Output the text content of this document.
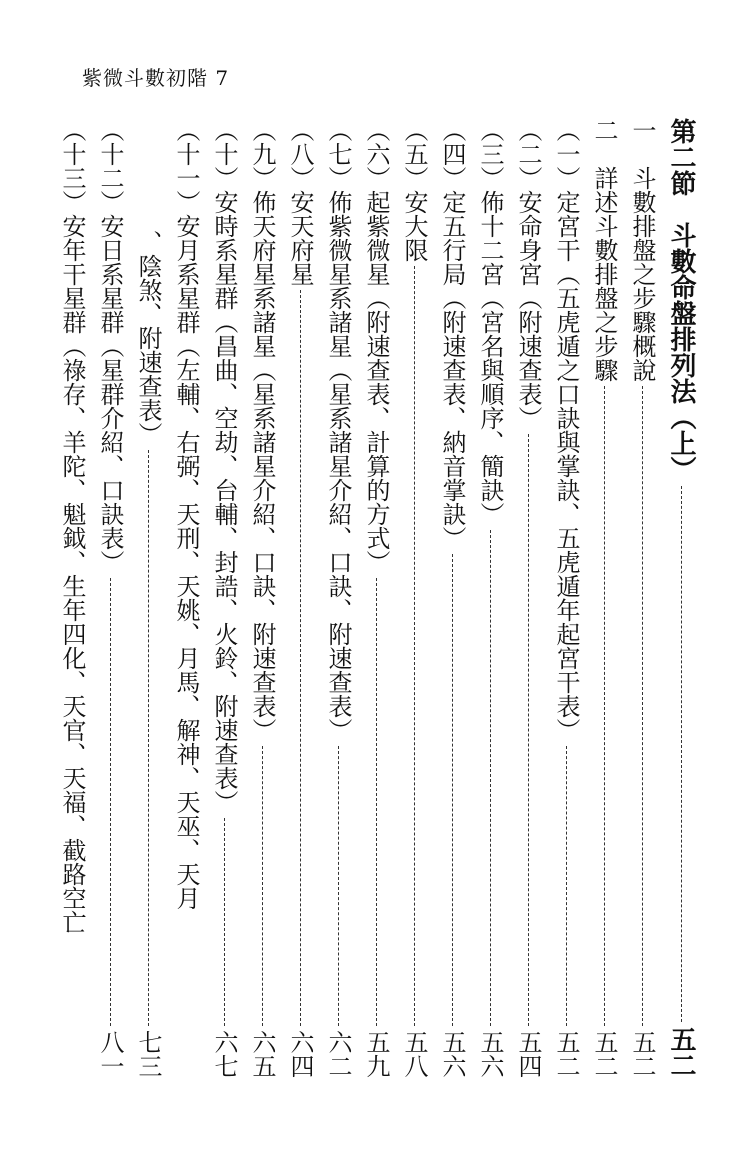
紫微斗數初階 7
第二節　斗數命盤排列法（上）
五二
一　斗數排盤之步驟概說
五二
二　詳述斗數排盤之步驟
五二
（一）定宮干（五虎遁之口訣與掌訣、五虎遁年起宮干表）
五二
（二）安命身宮（附速查表）
五四
（三）佈十二宮（宮名與順序、簡訣）
五六
（四）定五行局（附速查表、納音掌訣）
五六
（五）安大限
五八
（六）起紫微星（附速查表、計算的方式）
五九
（七）佈紫微星系諸星（星系諸星介紹、口訣、附速查表）
六二
（八）安天府星
六四
（九）佈天府星系諸星（星系諸星介紹、口訣、附速查表）
六五
（十）安時系星群（昌曲、空劫、台輔、封誥、火鈴、附速查表）
六七
（十一）安月系星群（左輔、右弼、天刑、天姚、月馬、解神、天巫、天月
、陰煞、附速查表）
七三
（十二）安日系星群（星群介紹、口訣表）
八一
（十三）安年干星群（祿存、羊陀、魁鉞、生年四化、天官、天福、截路空亡
